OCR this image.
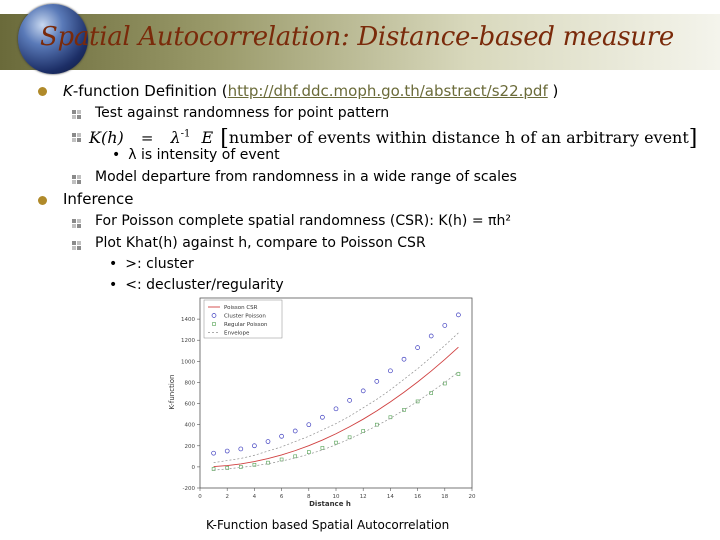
Spatial Autocorrelation: Distance-based measure
K-function Definition (http://dhf.ddc.moph.go.th/abstract/s22.pdf )
Test against randomness for point pattern
$K(h) = \lambda^{-1}$ E [number of events within distance h of an arbitrary event]
• λ is intensity of event
Model departure from randomness in a wide range of scales
Inference
For Poisson complete spatial randomness (CSR): K(h) = πh²
Plot Khat(h) against h, compare to Poisson CSR
• >: cluster
• <: decluster/regularity
0	2	4	6	8	10	12	14	16	18	20
-200
0
200
400
600
800
1000
1200
1400
Poisson CSR
Cluster Poisson
Regular Poisson
Envelope
Distance h
K-function
K-Function based Spatial Autocorrelation
